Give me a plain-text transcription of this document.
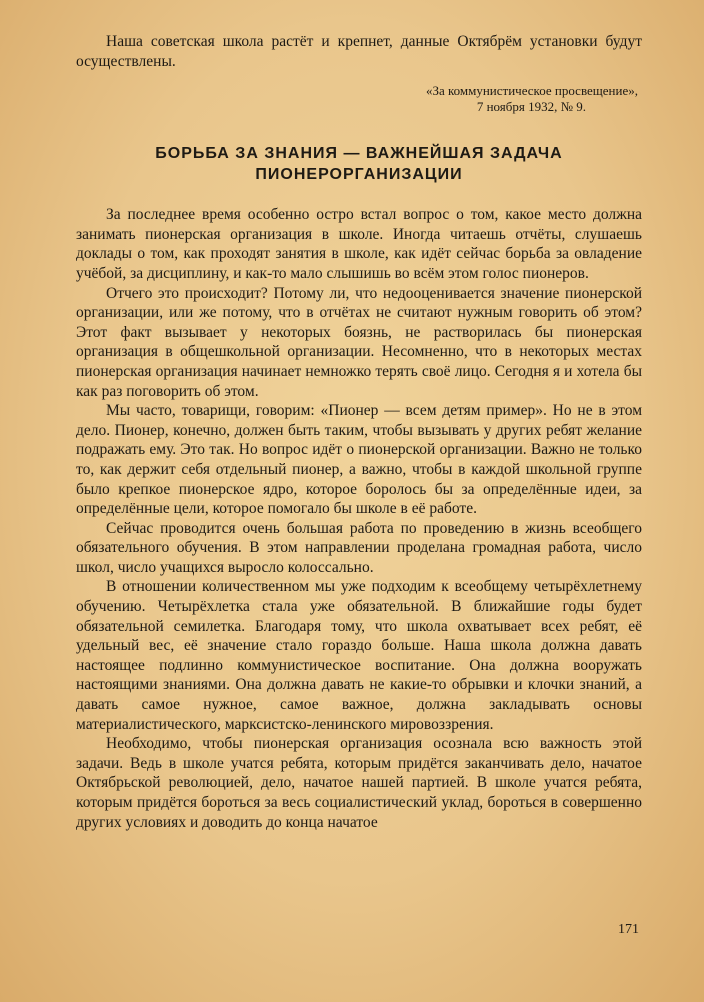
Наша советская школа растёт и крепнет, данные Октябрём установки будут осуществлены.

«За коммунистическое просвещение»,
7 ноября 1932, № 9.
БОРЬБА ЗА ЗНАНИЯ — ВАЖНЕЙШАЯ ЗАДАЧА
ПИОНЕРОРГАНИЗАЦИИ

За последнее время особенно остро встал вопрос о том, какое место должна занимать пионерская организация в школе. Иногда читаешь отчёты, слушаешь доклады о том, как проходят занятия в школе, как идёт сейчас борьба за овладение учёбой, за дисциплину, и как-то мало слышишь во всём этом голос пионеров.

Отчего это происходит? Потому ли, что недооценивается значение пионерской организации, или же потому, что в отчётах не считают нужным говорить об этом? Этот факт вызывает у некоторых боязнь, не растворилась бы пионерская организация в общешкольной организации. Несомненно, что в некоторых местах пионерская организация начинает немножко терять своё лицо. Сегодня я и хотела бы как раз поговорить об этом.

Мы часто, товарищи, говорим: «Пионер — всем детям пример». Но не в этом дело. Пионер, конечно, должен быть таким, чтобы вызывать у других ребят желание подражать ему. Это так. Но вопрос идёт о пионерской организации. Важно не только то, как держит себя отдельный пионер, а важно, чтобы в каждой школьной группе было крепкое пионерское ядро, которое боролось бы за определённые идеи, за определённые цели, которое помогало бы школе в её работе.

Сейчас проводится очень большая работа по проведению в жизнь всеобщего обязательного обучения. В этом направлении проделана громадная работа, число школ, число учащихся выросло колоссально.

В отношении количественном мы уже подходим к всеобщему четырёхлетнему обучению. Четырёхлетка стала уже обязательной. В ближайшие годы будет обязательной семилетка. Благодаря тому, что школа охватывает всех ребят, её удельный вес, её значение стало гораздо больше. Наша школа должна давать настоящее подлинно коммунистическое воспитание. Она должна вооружать настоящими знаниями. Она должна давать не какие-то обрывки и клочки знаний, а давать самое нужное, самое важное, должна закладывать основы материалистического, марксистско-ленинского мировоззрения.

Необходимо, чтобы пионерская организация осознала всю важность этой задачи. Ведь в школе учатся ребята, которым придётся заканчивать дело, начатое Октябрьской революцией, дело, начатое нашей партией. В школе учатся ребята, которым придётся бороться за весь социалистический уклад, бороться в совершенно других условиях и доводить до конца начатое

171
